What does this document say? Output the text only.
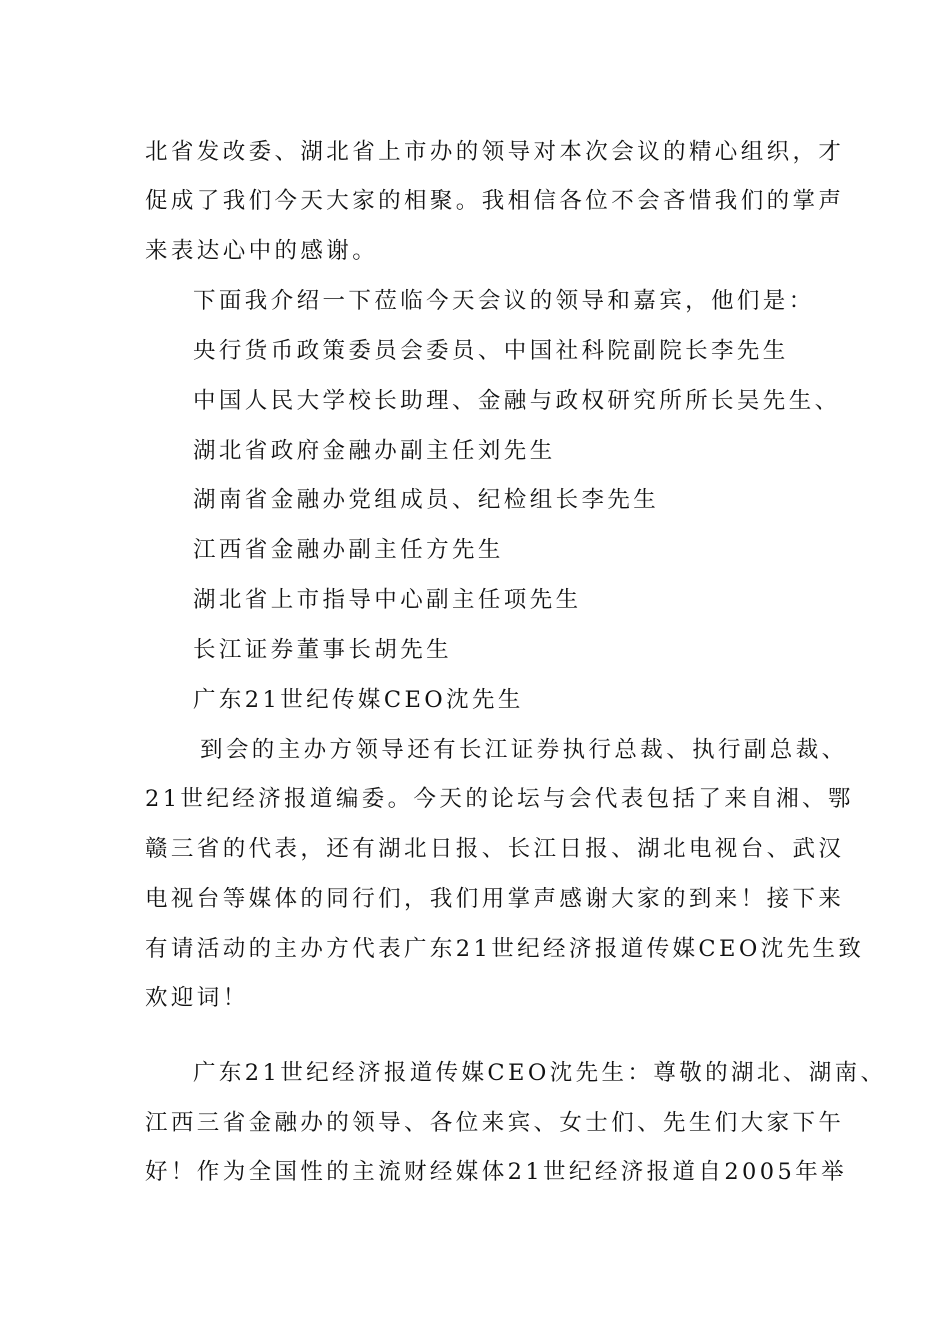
北省发改委、湖北省上市办的领导对本次会议的精心组织，才
促成了我们今天大家的相聚。我相信各位不会吝惜我们的掌声
来表达心中的感谢。
下面我介绍一下莅临今天会议的领导和嘉宾，他们是：
央行货币政策委员会委员、中国社科院副院长李先生
中国人民大学校长助理、金融与政权研究所所长吴先生、
湖北省政府金融办副主任刘先生
湖南省金融办党组成员、纪检组长李先生
江西省金融办副主任方先生
湖北省上市指导中心副主任项先生
长江证券董事长胡先生
广东21世纪传媒CEO沈先生
到会的主办方领导还有长江证券执行总裁、执行副总裁、
21世纪经济报道编委。今天的论坛与会代表包括了来自湘、鄂
赣三省的代表，还有湖北日报、长江日报、湖北电视台、武汉
电视台等媒体的同行们，我们用掌声感谢大家的到来！接下来
有请活动的主办方代表广东21世纪经济报道传媒CEO沈先生致
欢迎词！
广东21世纪经济报道传媒CEO沈先生：尊敬的湖北、湖南、
江西三省金融办的领导、各位来宾、女士们、先生们大家下午
好！作为全国性的主流财经媒体21世纪经济报道自2005年举
